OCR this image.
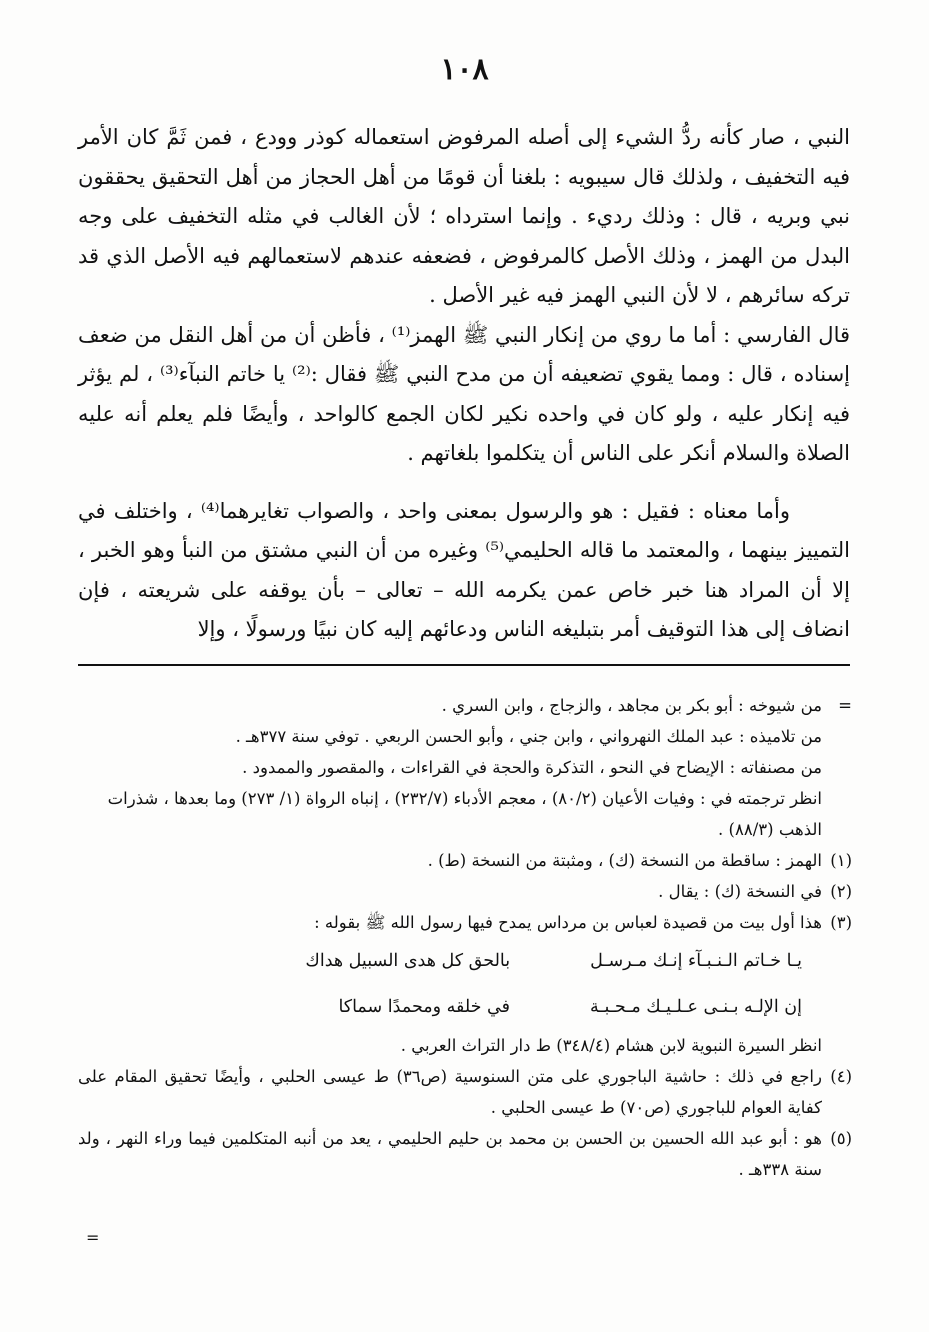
١٠٨

النبي ، صار كأنه ردُّ الشيء إلى أصله المرفوض استعماله كوذر وودع ، فمن ثَمَّ كان الأمر فيه التخفيف ، ولذلك قال سيبويه : بلغنا أن قومًا من أهل الحجاز من أهل التحقيق يحققون نبي وبريه ، قال : وذلك رديء . وإنما استرداه ؛ لأن الغالب في مثله التخفيف على وجه البدل من الهمز ، وذلك الأصل كالمرفوض ، فضعفه عندهم لاستعمالهم فيه الأصل الذي قد تركه سائرهم ، لا لأن النبي الهمز فيه غير الأصل .

قال الفارسي : أما ما روي من إنكار النبي ﷺ الهمز⁽¹⁾ ، فأظن أن من أهل النقل من ضعف إسناده ، قال : ومما يقوي تضعيفه أن من مدح النبي ﷺ فقال :⁽²⁾ يا خاتم النبآء⁽³⁾ ، لم يؤثر فيه إنكار عليه ، ولو كان في واحده نكير لكان الجمع كالواحد ، وأيضًا فلم يعلم أنه عليه الصلاة والسلام أنكر على الناس أن يتكلموا بلغاتهم .

وأما معناه : فقيل : هو والرسول بمعنى واحد ، والصواب تغايرهما⁽⁴⁾ ، واختلف في التمييز بينهما ، والمعتمد ما قاله الحليمي⁽⁵⁾ وغيره من أن النبي مشتق من النبأ وهو الخبر ، إلا أن المراد هنا خبر خاص عمن يكرمه الله – تعالى – بأن يوقفه على شريعته ، فإن انضاف إلى هذا التوقيف أمر بتبليغه الناس ودعائهم إليه كان نبيًا ورسولًا ، وإلا

=
من شيوخه : أبو بكر بن مجاهد ، والزجاج ، وابن السري .
من تلاميذه : عبد الملك النهرواني ، وابن جني ، وأبو الحسن الربعي . توفي سنة ٣٧٧هـ .
من مصنفاته : الإيضاح في النحو ، التذكرة والحجة في القراءات ، والمقصور والممدود .
انظر ترجمته في : وفيات الأعيان (٨٠/٢) ، معجم الأدباء (٢٣٢/٧) ، إنباه الرواة (١/ ٢٧٣) وما بعدها ، شذرات الذهب (٨٨/٣) .
(١)
الهمز : ساقطة من النسخة (ك) ، ومثبتة من النسخة (ط) .
(٢)
في النسخة (ك) : يقال .
(٣)
هذا أول بيت من قصيدة لعباس بن مرداس يمدح فيها رسول الله ﷺ بقوله :
يـا خـاتم الـنـبـآء إنـك مـرسـل
بالحق كل هدى السبيل هداك
إن الإلـه بـنـى عـلـيـك مـحـبـة
في خلقه ومحمدًا سماكا
انظر السيرة النبوية لابن هشام (٣٤٨/٤) ط دار التراث العربي .
(٤)
راجع في ذلك : حاشية الباجوري على متن السنوسية (ص٣٦) ط عيسى الحلبي ، وأيضًا تحقيق المقام على كفاية العوام للباجوري (ص٧٠) ط عيسى الحلبي .
(٥)
هو : أبو عبد الله الحسين بن الحسن بن محمد بن حليم الحليمي ، يعد من أنبه المتكلمين فيما وراء النهر ، ولد سنة ٣٣٨هـ .
=
